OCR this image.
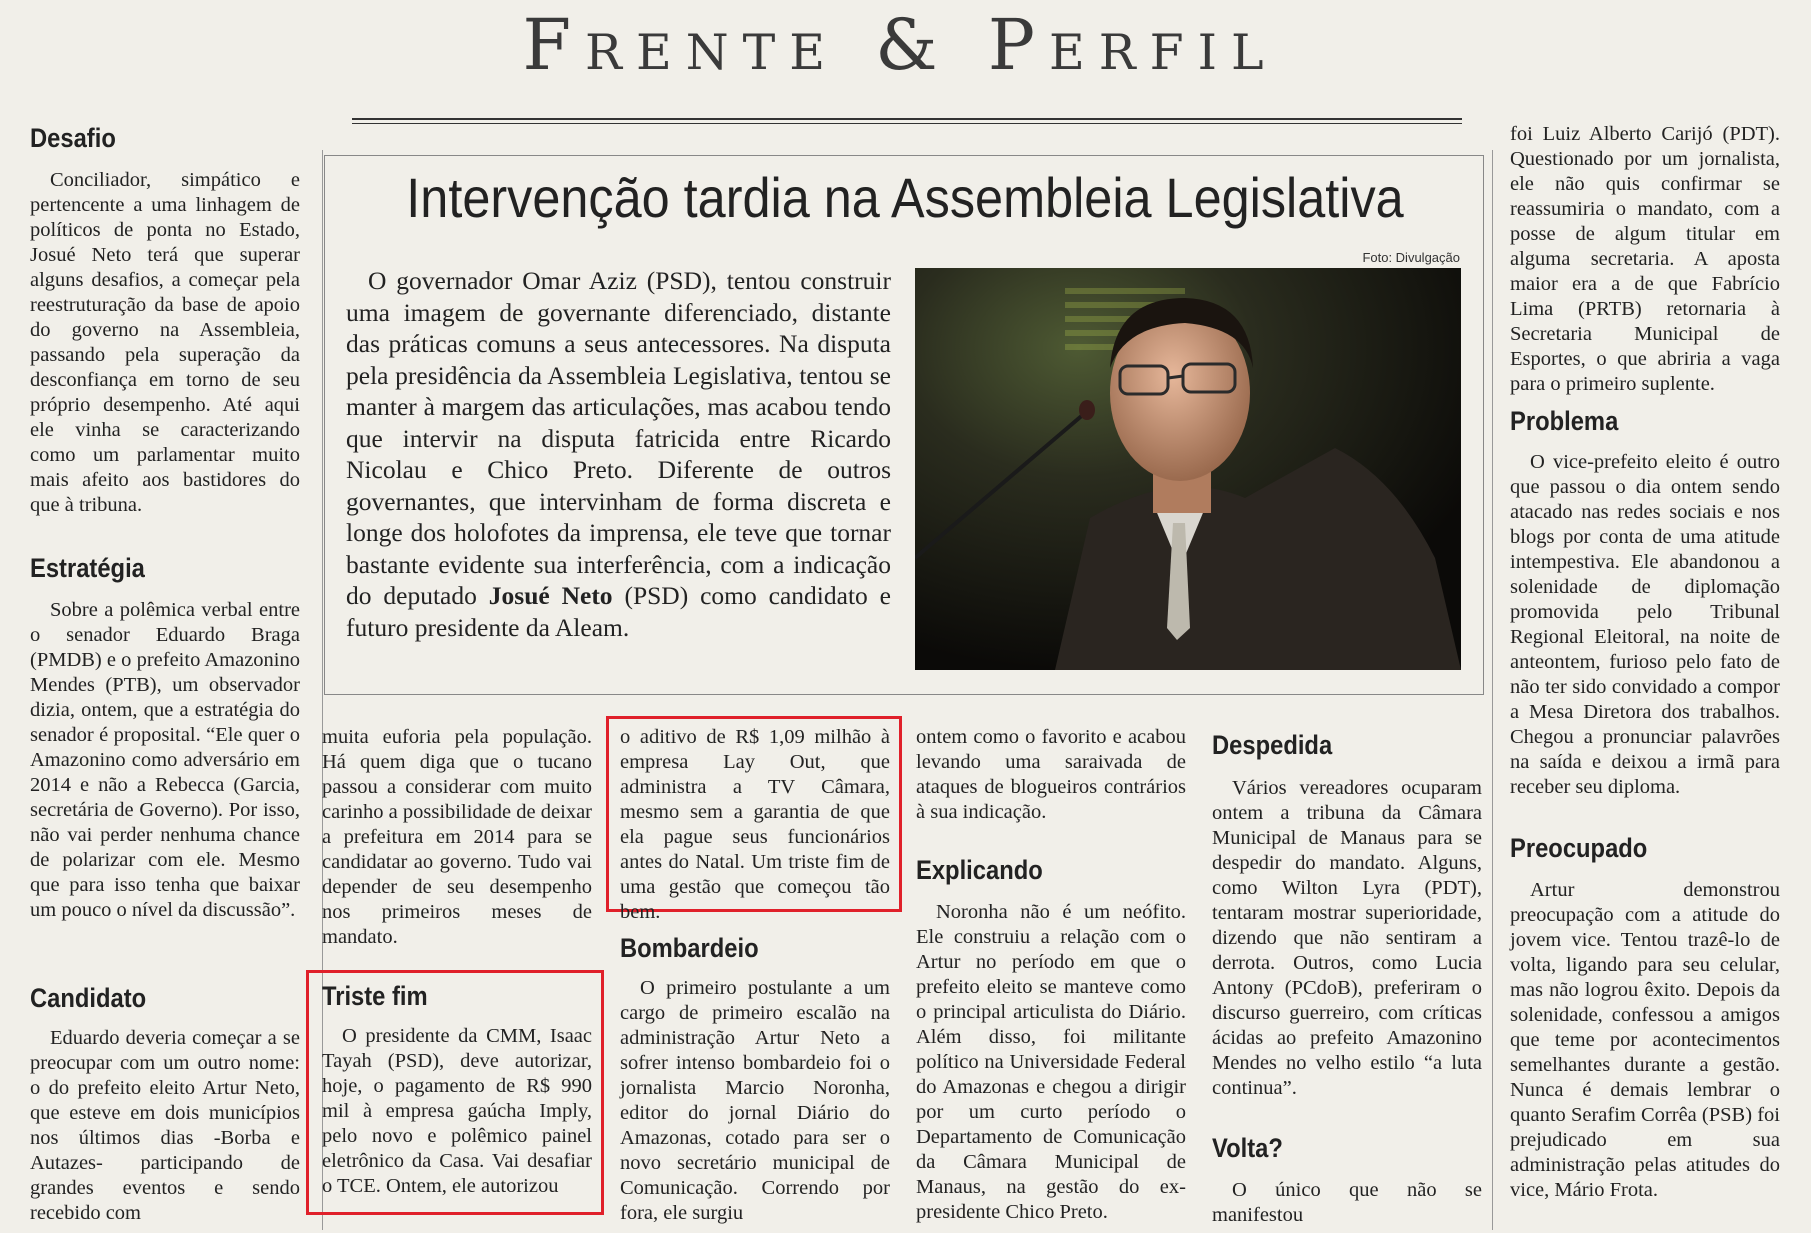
Frente & Perfil
Intervenção tardia na Assembleia Legislativa
Foto: Divulgação
O governador Omar Aziz (PSD), tentou construir uma imagem de governante diferenciado, distante das práticas comuns a seus antecessores. Na disputa pela presidência da Assembleia Legislativa, tentou se manter à margem das articulações, mas acabou tendo que intervir na disputa fatricida entre Ricardo Nicolau e Chico Preto. Diferente de outros governantes, que intervinham de forma discreta e longe dos holofotes da imprensa, ele teve que tornar bastante evidente sua interferência, com a indicação do deputado Josué Neto (PSD) como candidato e futuro presidente da Aleam.
Desafio
Conciliador, simpático e pertencente a uma linhagem de políticos de ponta no Estado, Josué Neto terá que superar alguns desafios, a começar pela reestruturação da base de apoio do governo na Assembleia, passando pela superação da desconfiança em torno de seu próprio desempenho. Até aqui ele vinha se caracterizando como um parlamentar muito mais afeito aos bastidores do que à tribuna.
Estratégia
Sobre a polêmica verbal entre o senador Eduardo Braga (PMDB) e o prefeito Amazonino Mendes (PTB), um observador dizia, ontem, que a estratégia do senador é proposital. “Ele quer o Amazonino como adversário em 2014 e não a Rebecca (Garcia, secretária de Governo). Por isso, não vai perder nenhuma chance de polarizar com ele. Mesmo que para isso tenha que baixar um pouco o nível da discussão”.
Candidato
Eduardo deveria começar a se preocupar com um outro nome: o do prefeito eleito Artur Neto, que esteve em dois municípios nos últimos dias -Borba e Autazes- participando de grandes eventos e sendo recebido com
muita euforia pela população. Há quem diga que o tucano passou a considerar com muito carinho a possibilidade de deixar a prefeitura em 2014 para se candidatar ao governo. Tudo vai depender de seu desempenho nos primeiros meses de mandato.
Triste fim
O presidente da CMM, Isaac Tayah (PSD), deve autorizar, hoje, o pagamento de R$ 990 mil à empresa gaúcha Imply, pelo novo e polêmico painel eletrônico da Casa. Vai desafiar o TCE. Ontem, ele autorizou
o aditivo de R$ 1,09 milhão à empresa Lay Out, que administra a TV Câmara, mesmo sem a garantia de que ela pague seus funcionários antes do Natal. Um triste fim de uma gestão que começou tão bem.
Bombardeio
O primeiro postulante a um cargo de primeiro escalão na administração Artur Neto a sofrer intenso bombardeio foi o jornalista Marcio Noronha, editor do jornal Diário do Amazonas, cotado para ser o novo secretário municipal de Comunicação. Correndo por fora, ele surgiu
ontem como o favorito e acabou levando uma saraivada de ataques de blogueiros contrários à sua indicação.
Explicando
Noronha não é um neófito. Ele construiu a relação com o Artur no período em que o prefeito eleito se manteve como o principal articulista do Diário. Além disso, foi militante político na Universidade Federal do Amazonas e chegou a dirigir por um curto período o Departamento de Comunicação da Câmara Municipal de Manaus, na gestão do ex-presidente Chico Preto.
Despedida
Vários vereadores ocuparam ontem a tribuna da Câmara Municipal de Manaus para se despedir do mandato. Alguns, como Wilton Lyra (PDT), tentaram mostrar superioridade, dizendo que não sentiram a derrota. Outros, como Lucia Antony (PCdoB), preferiram o discurso guerreiro, com críticas ácidas ao prefeito Amazonino Mendes no velho estilo “a luta continua”.
Volta?
O único que não se manifestou
foi Luiz Alberto Carijó (PDT). Questionado por um jornalista, ele não quis confirmar se reassumiria o mandato, com a posse de algum titular em alguma secretaria. A aposta maior era a de que Fabrício Lima (PRTB) retornaria à Secretaria Municipal de Esportes, o que abriria a vaga para o primeiro suplente.
Problema
O vice-prefeito eleito é outro que passou o dia ontem sendo atacado nas redes sociais e nos blogs por conta de uma atitude intempestiva. Ele abandonou a solenidade de diplomação promovida pelo Tribunal Regional Eleitoral, na noite de anteontem, furioso pelo fato de não ter sido convidado a compor a Mesa Diretora dos trabalhos. Chegou a pronunciar palavrões na saída e deixou a irmã para receber seu diploma.
Preocupado
Artur demonstrou preocupação com a atitude do jovem vice. Tentou trazê-lo de volta, ligando para seu celular, mas não logrou êxito. Depois da solenidade, confessou a amigos que teme por acontecimentos semelhantes durante a gestão. Nunca é demais lembrar o quanto Serafim Corrêa (PSB) foi prejudicado em sua administração pelas atitudes do vice, Mário Frota.
